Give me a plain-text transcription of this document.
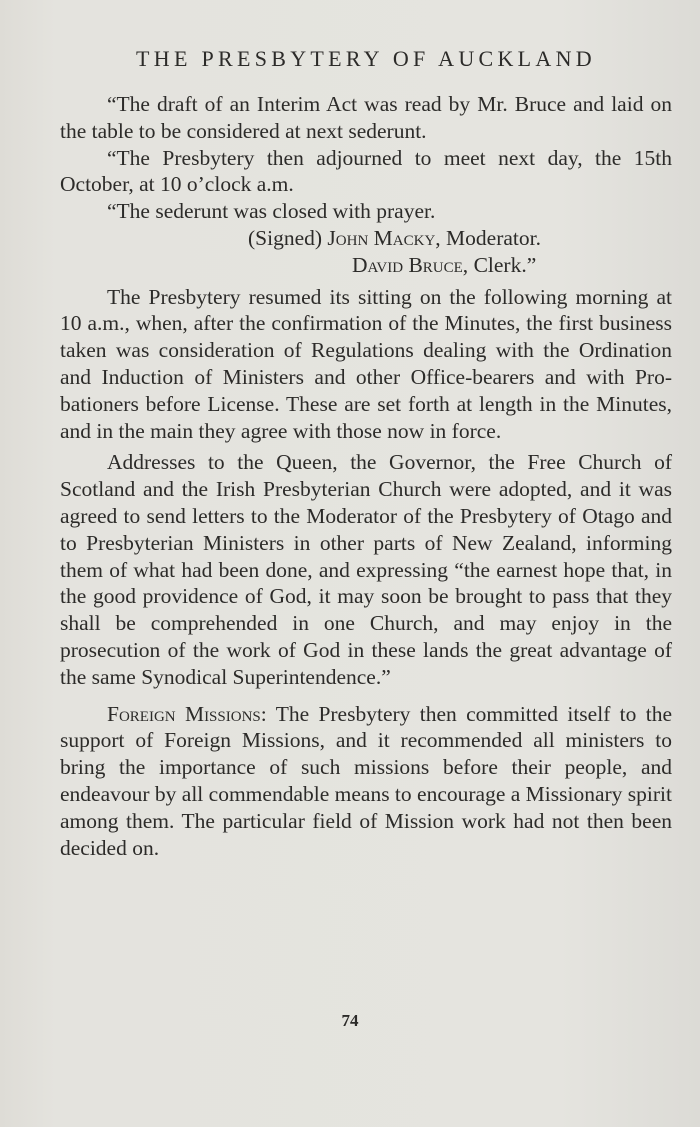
THE PRESBYTERY OF AUCKLAND

“The draft of an Interim Act was read by Mr. Bruce and laid on the table to be considered at next sederunt.

“The Presbytery then adjourned to meet next day, the 15th October, at 10 o’clock a.m.

“The sederunt was closed with prayer.

(Signed) John Macky, Moderator.
David Bruce, Clerk.”

The Presbytery resumed its sitting on the following morning at 10 a.m., when, after the confirmation of the Minutes, the first business taken was consideration of Regulations dealing with the Ordination and Induction of Ministers and other Office-bearers and with Probationers before License. These are set forth at length in the Minutes, and in the main they agree with those now in force.

Addresses to the Queen, the Governor, the Free Church of Scotland and the Irish Presbyterian Church were adopted, and it was agreed to send letters to the Moderator of the Presbytery of Otago and to Presbyterian Ministers in other parts of New Zealand, informing them of what had been done, and expressing “the earnest hope that, in the good providence of God, it may soon be brought to pass that they shall be comprehended in one Church, and may enjoy in the prosecution of the work of God in these lands the great advantage of the same Synodical Superintendence.”

Foreign Missions: The Presbytery then committed itself to the support of Foreign Missions, and it recommended all ministers to bring the importance of such missions before their people, and endeavour by all commendable means to encourage a Missionary spirit among them. The particular field of Mission work had not then been decided on.

74
